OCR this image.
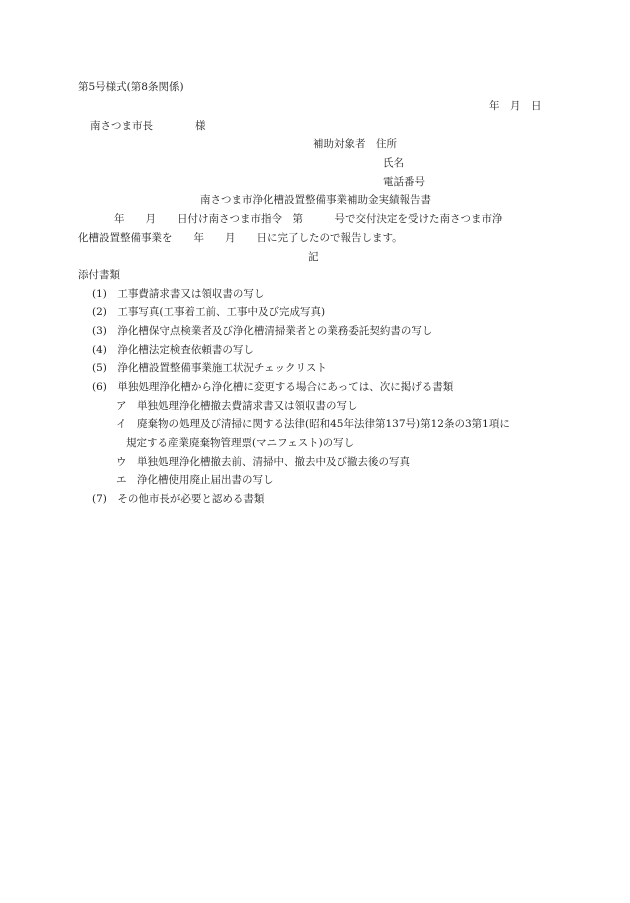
第5号様式(第8条関係)
年　月　日
南さつま市長　　　　様
補助対象者　住所
氏名
電話番号
南さつま市浄化槽設置整備事業補助金実績報告書
年　　月　　日付け南さつま市指令　第　　　号で交付決定を受けた南さつま市浄
化槽設置整備事業を　　年　　月　　日に完了したので報告します。
記
添付書類
(1)　工事費請求書又は領収書の写し
(2)　工事写真(工事着工前、工事中及び完成写真)
(3)　浄化槽保守点検業者及び浄化槽清掃業者との業務委託契約書の写し
(4)　浄化槽法定検査依頼書の写し
(5)　浄化槽設置整備事業施工状況チェックリスト
(6)　単独処理浄化槽から浄化槽に変更する場合にあっては、次に掲げる書類
ア　単独処理浄化槽撤去費請求書又は領収書の写し
イ　廃棄物の処理及び清掃に関する法律(昭和45年法律第137号)第12条の3第1項に
規定する産業廃棄物管理票(マニフェスト)の写し
ウ　単独処理浄化槽撤去前、清掃中、撤去中及び撤去後の写真
エ　浄化槽使用廃止届出書の写し
(7)　その他市長が必要と認める書類
